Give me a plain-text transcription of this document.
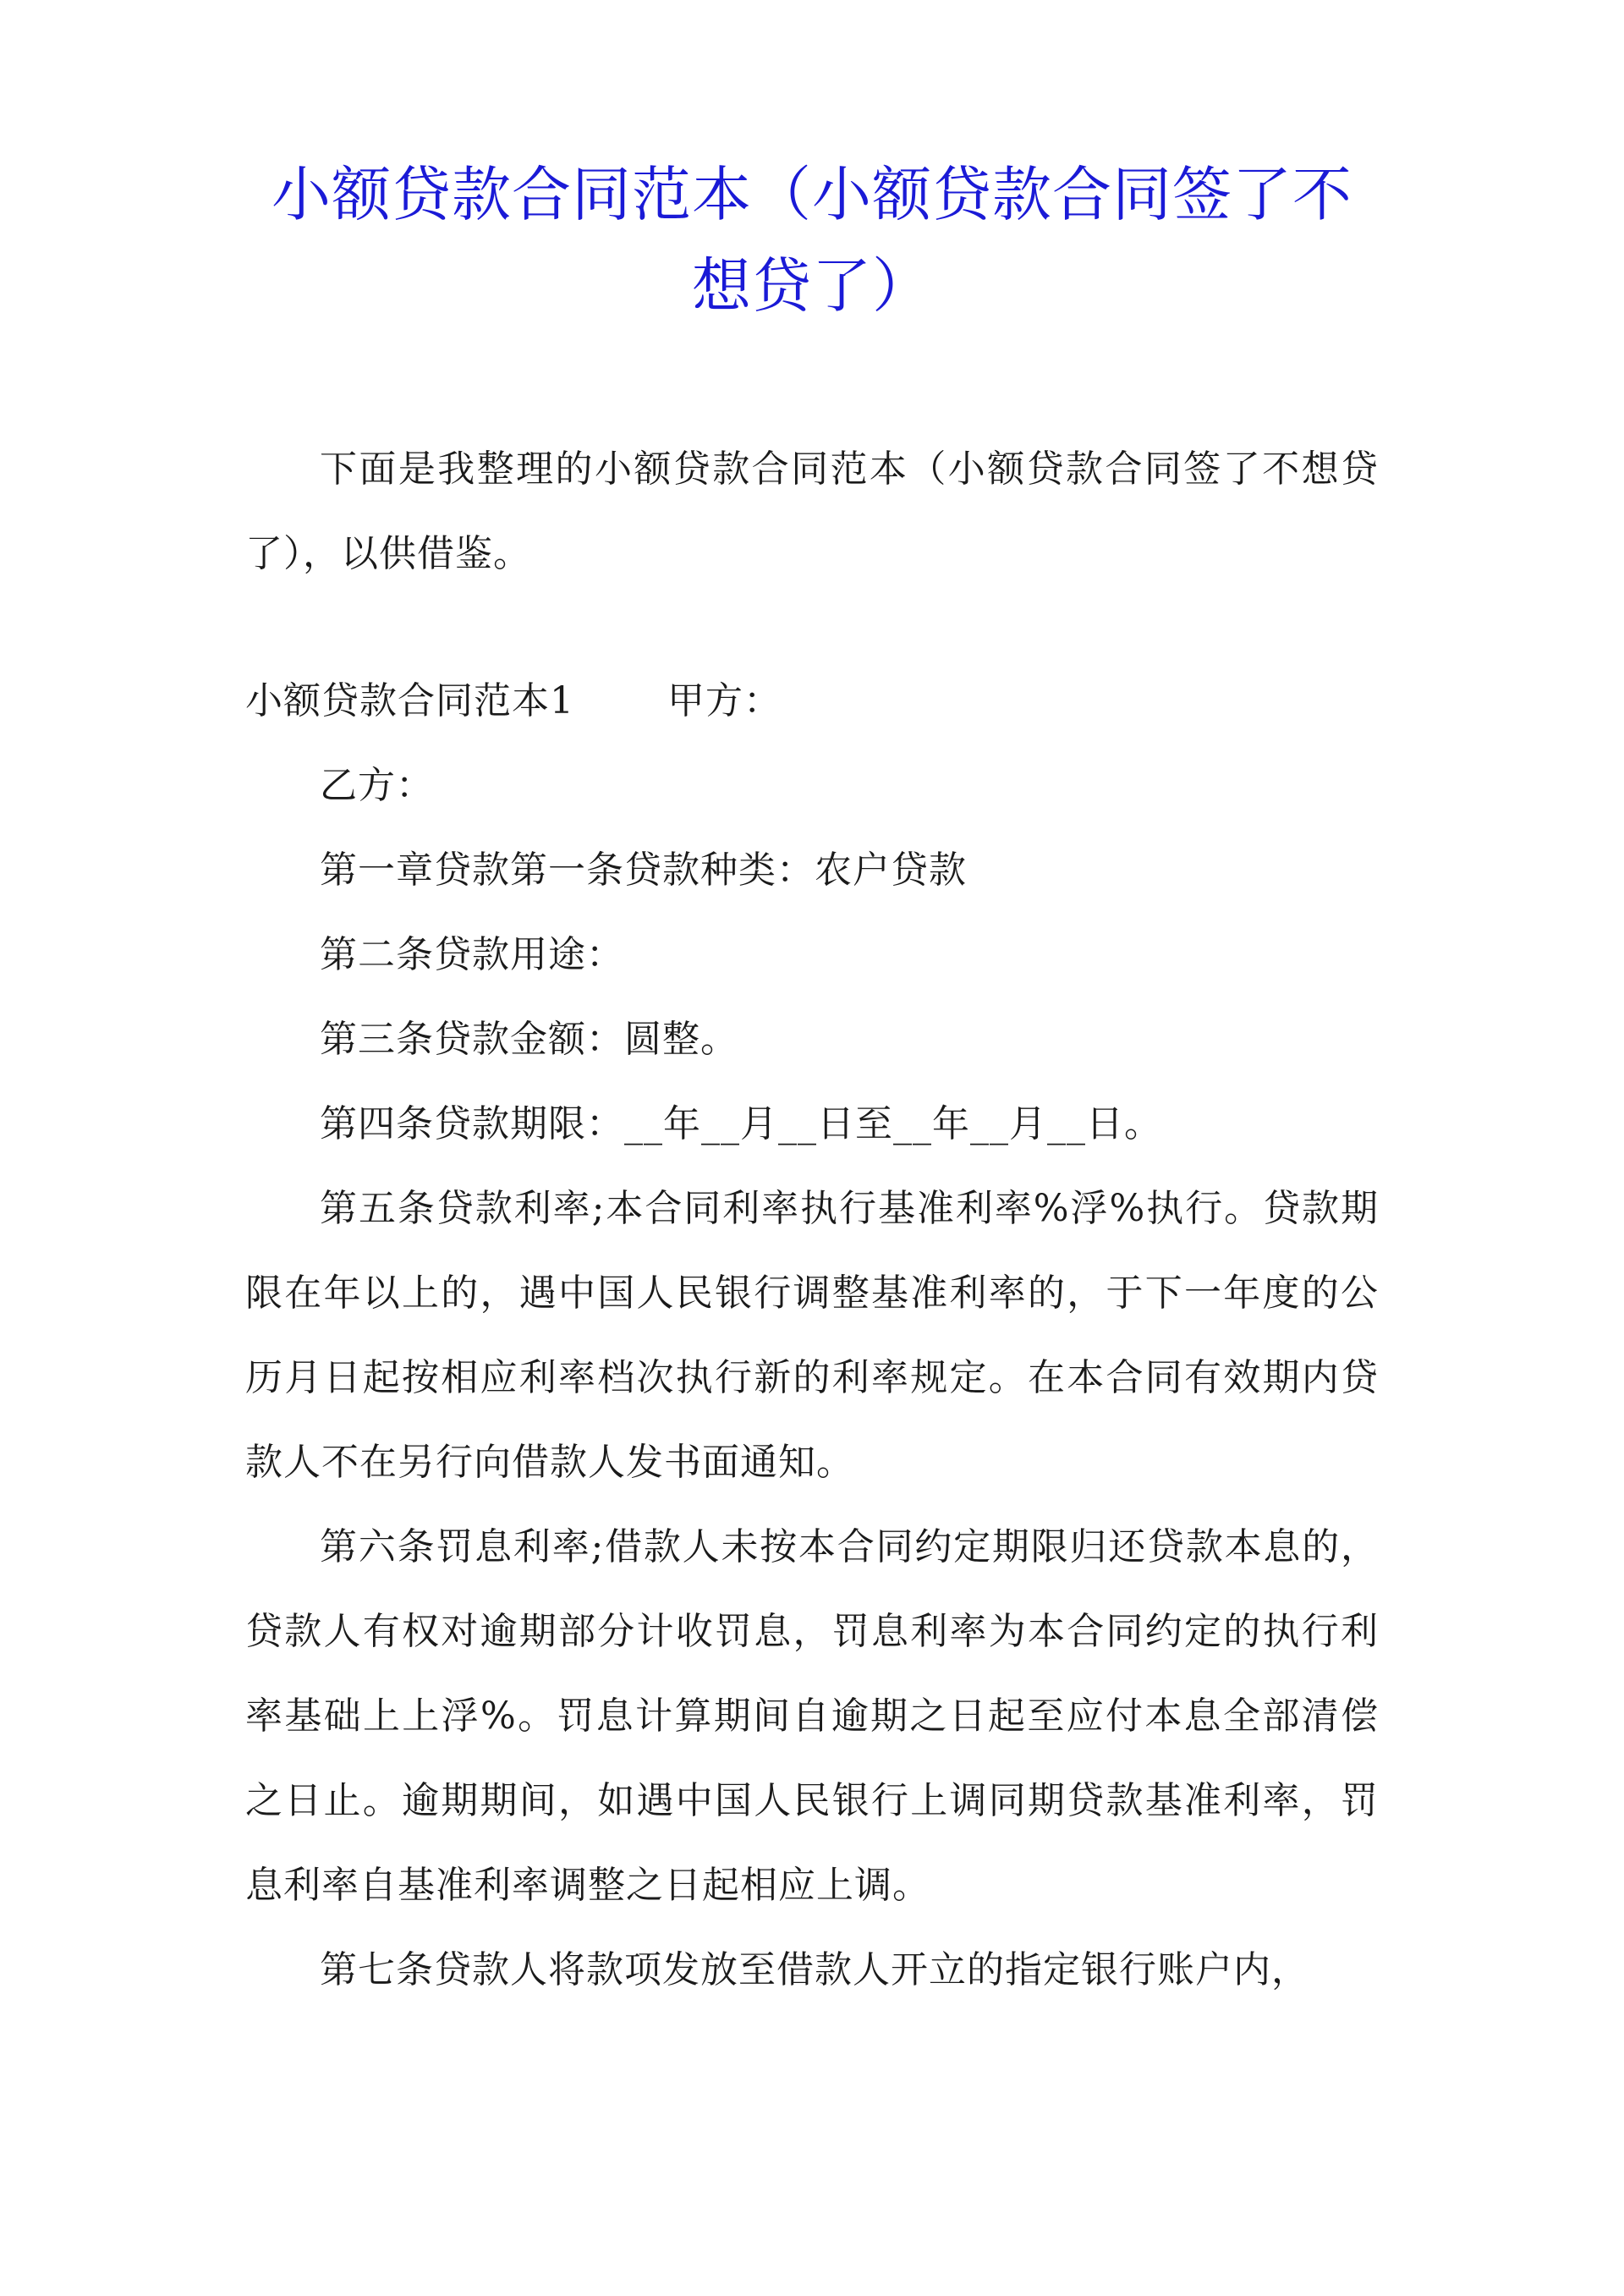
小额贷款合同范本（小额贷款合同签了不想贷了）

下面是我整理的小额贷款合同范本（小额贷款合同签了不想贷了），以供借鉴。

小额贷款合同范本1	甲方：

乙方：

第一章贷款第一条贷款种类：农户贷款

第二条贷款用途：

第三条贷款金额：圆整。

第四条贷款期限：__年__月__日至__年__月__日。

第五条贷款利率;本合同利率执行基准利率%浮%执行。贷款期限在年以上的，遇中国人民银行调整基准利率的，于下一年度的公历月日起按相应利率档次执行新的利率规定。在本合同有效期内贷款人不在另行向借款人发书面通知。

第六条罚息利率;借款人未按本合同约定期限归还贷款本息的，贷款人有权对逾期部分计收罚息，罚息利率为本合同约定的执行利率基础上上浮%。罚息计算期间自逾期之日起至应付本息全部清偿之日止。逾期期间，如遇中国人民银行上调同期贷款基准利率，罚息利率自基准利率调整之日起相应上调。

第七条贷款人将款项发放至借款人开立的指定银行账户内，
